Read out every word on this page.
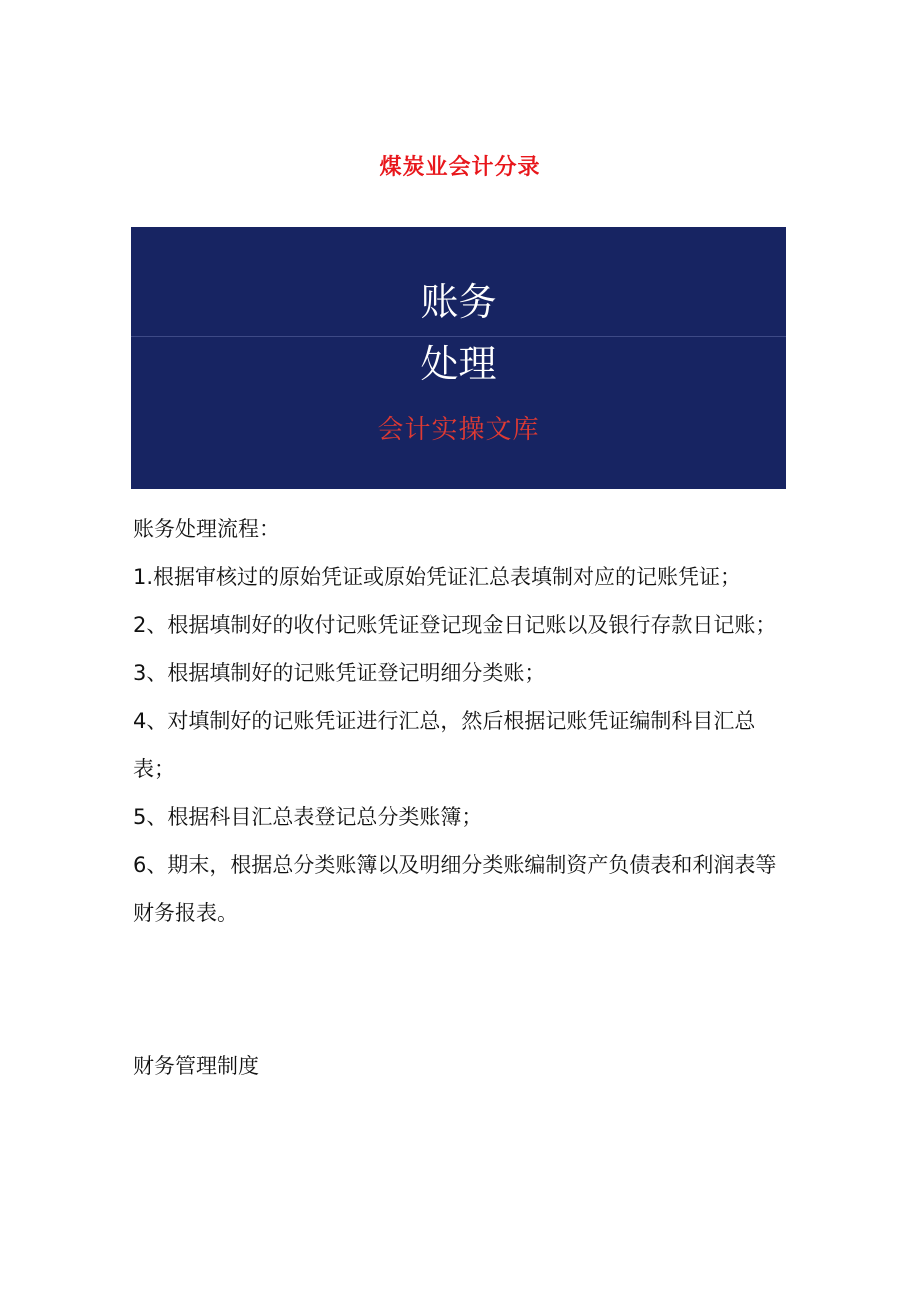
煤炭业会计分录
账务
处理
会计实操文库

账务处理流程：

1.根据审核过的原始凭证或原始凭证汇总表填制对应的记账凭证；

2、根据填制好的收付记账凭证登记现金日记账以及银行存款日记账；

3、根据填制好的记账凭证登记明细分类账；

4、对填制好的记账凭证进行汇总，然后根据记账凭证编制科目汇总表；

5、根据科目汇总表登记总分类账簿；

6、期末，根据总分类账簿以及明细分类账编制资产负债表和利润表等财务报表。

财务管理制度
